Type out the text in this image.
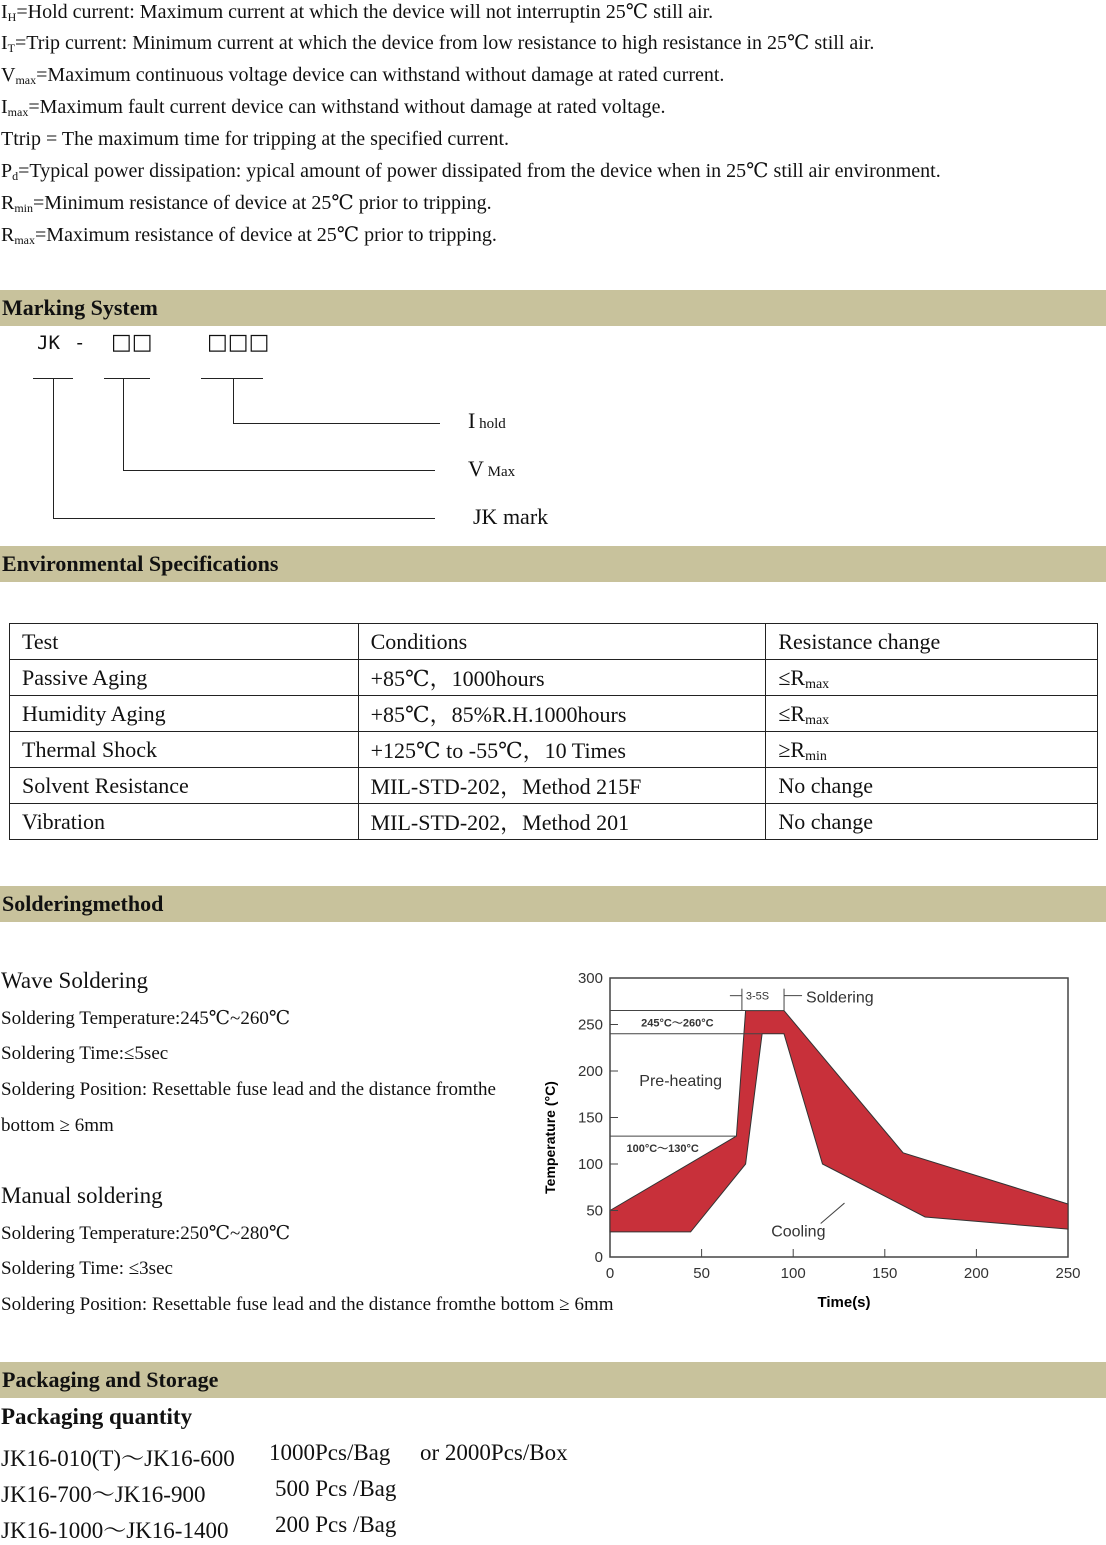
$I_H=Hold$ current: Maximum current at which the device will not interruptin 25℃ still air.
$I_T=Trip$ current: Minimum current at which the device from low resistance to high resistance in 25℃ still air.
$V_{max}=Maximum$ continuous voltage device can withstand without damage at rated current.
$I_{max}=Maximum$ fault current device can withstand without damage at rated voltage.
Ttrip = The maximum time for tripping at the specified current.
$P_d=Typical$ power dissipation: ypical amount of power dissipated from the device when in 25℃ still air environment.
$R_{min}=Minimum$ resistance of device at 25℃ prior to tripping.
$R_{max}=Maximum$ resistance of device at 25℃ prior to tripping.
Marking System
JK - □□ □□□
I hold
V Max
JK mark
Environmental Specifications
Test	Conditions	Resistance change
Passive Aging	+85℃，1000hours	$\le R_{max}$
Humidity Aging	+85℃，85%R.H.1000hours	$\le R_{max}$
Thermal Shock	+125℃ to -55℃，10 Times	$\ge R_{min}$
Solvent Resistance	MIL-STD-202，Method 215F	No change
Vibration	MIL-STD-202，Method 201	No change
Solderingmethod
Wave Soldering
Soldering Temperature:245℃~260℃
Soldering Time:≤5sec
Soldering Position: Resettable fuse lead and the distance fromthe
bottom ≥ 6mm
Manual soldering
Soldering Temperature:250℃~280℃
Soldering Time: ≤3sec
Soldering Position: Resettable fuse lead and the distance fromthe bottom ≥ 6mm
0
50
100
150
200
250
300
0	50	100	150	200	250
245°C～260°C
100°C～130°C
Pre-heating
3-5S Soldering
Cooling
Temperature (°C)
Time(s)
Packaging and Storage
Packaging quantity
JK16-010(T)～JK16-600 1000Pcs/Bag or 2000Pcs/Box
JK16-700～JK16-900	500 Pcs /Bag
JK16-1000～JK16-1400 200 Pcs /Bag
